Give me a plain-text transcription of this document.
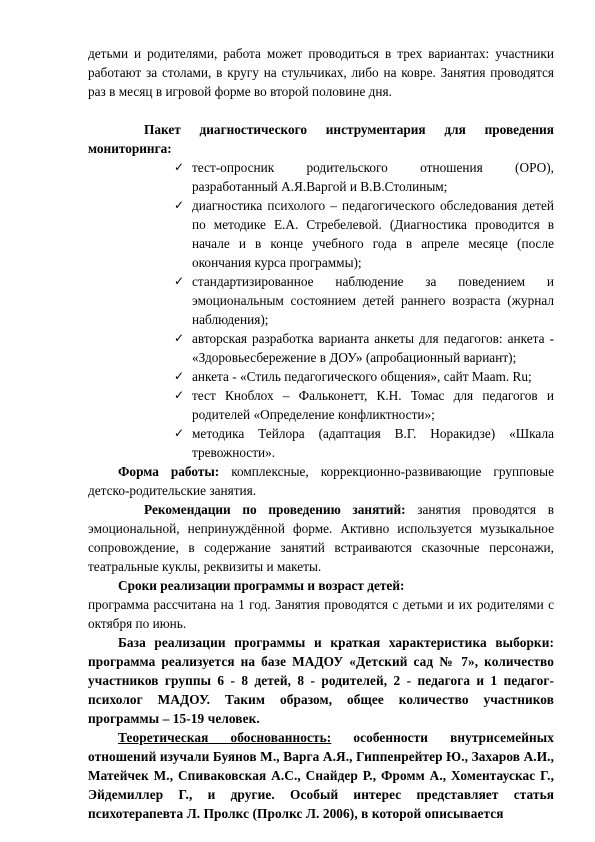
детьми и родителями, работа может проводиться в трех вариантах: участники работают за столами, в кругу на стульчиках, либо на ковре. Занятия проводятся раз в месяц в игровой форме во второй половине дня.

Пакет диагностического инструментария для проведения мониторинга:

✓ тест-опросник родительского отношения (ОРО), разработанный А.Я.Варгой и В.В.Столиным;
✓ диагностика психолого – педагогического обследования детей по методике Е.А. Стребелевой. (Диагностика проводится в начале и в конце учебного года в апреле месяце (после окончания курса программы);
✓ стандартизированное наблюдение за поведением и эмоциональным состоянием детей раннего возраста (журнал наблюдения);
✓ авторская разработка варианта анкеты для педагогов: анкета - «Здоровьесбережение в ДОУ» (апробационный вариант);
✓ анкета - «Стиль педагогического общения», сайт Maam. Ru;
✓ тест Кноблох – Фальконетт, К.Н. Томас для педагогов и родителей «Определение конфликтности»;
✓ методика Тейлора (адаптация В.Г. Норакидзе) «Шкала тревожности».

Форма работы: комплексные, коррекционно-развивающие групповые детско-родительские занятия.

Рекомендации по проведению занятий: занятия проводятся в эмоциональной, непринуждённой форме. Активно используется музыкальное сопровождение, в содержание занятий встраиваются сказочные персонажи, театральные куклы, реквизиты и макеты.

Сроки реализации программы и возраст детей:

программа рассчитана на 1 год. Занятия проводятся с детьми и их родителями с октября по июнь.

База реализации программы и краткая характеристика выборки: программа реализуется на базе МАДОУ «Детский сад № 7», количество участников группы 6 - 8 детей, 8 - родителей, 2 - педагога и 1 педагог-психолог МАДОУ. Таким образом, общее количество участников программы – 15-19 человек.

Теоретическая обоснованность: особенности внутрисемейных отношений изучали Буянов М., Варга А.Я., Гиппенрейтер Ю., Захаров А.И., Матейчек М., Спиваковская А.С., Снайдер Р., Фромм А., Хоментаускас Г., Эйдемиллер Г., и другие. Особый интерес представляет статья психотерапевта Л. Пролкс (Пролкс Л. 2006), в которой описывается
